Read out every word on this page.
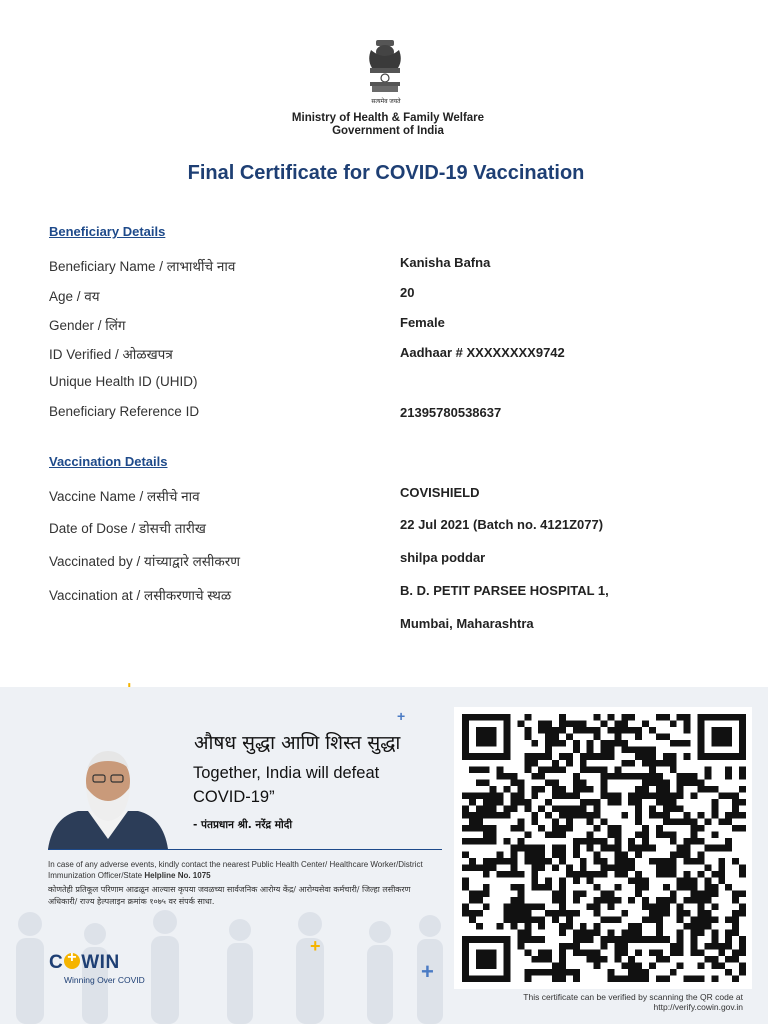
सत्यमेव जयते
Ministry of Health & Family Welfare
Government of India
Final Certificate for COVID-19 Vaccination
Beneficiary Details
Beneficiary Name / लाभार्थीचे नाव	Kanisha Bafna
Age / वय	20
Gender / लिंग	Female
ID Verified / ओळखपत्र	Aadhaar # XXXXXXXX9742
Unique Health ID (UHID)
Beneficiary Reference ID	21395780538637
Vaccination Details
Vaccine Name / लसीचे नाव	COVISHIELD
Date of Dose / डोसची तारीख	22 Jul 2021 (Batch no. 4121Z077)
Vaccinated by / यांच्याद्वारे लसीकरण	shilpa poddar
Vaccination at / लसीकरणाचे स्थळ	B. D. PETIT PARSEE HOSPITAL 1,
Mumbai, Maharashtra
+
औषध सुद्धा आणि शिस्त सुद्धा
Together, India will defeat COVID-19”
- पंतप्रधान श्री. नरेंद्र मोदी
In case of any adverse events, kindly contact the nearest Public Health Center/ Healthcare Worker/District Immunization Officer/State Helpline No. 1075
कोणतेही प्रतिकूल परिणाम आढळून आल्यास कृपया जवळच्या सार्वजनिक आरोग्य केंद्र/ आरोग्यसेवा कर्मचारी/ जिल्हा लसीकरण अधिकारी/ राज्य हेल्पलाइन क्रमांक १०७५ वर संपर्क साधा.
+
+
C+ WIN
Winning Over COVID
This certificate can be verified by scanning the QR code at
http://verify.cowin.gov.in
